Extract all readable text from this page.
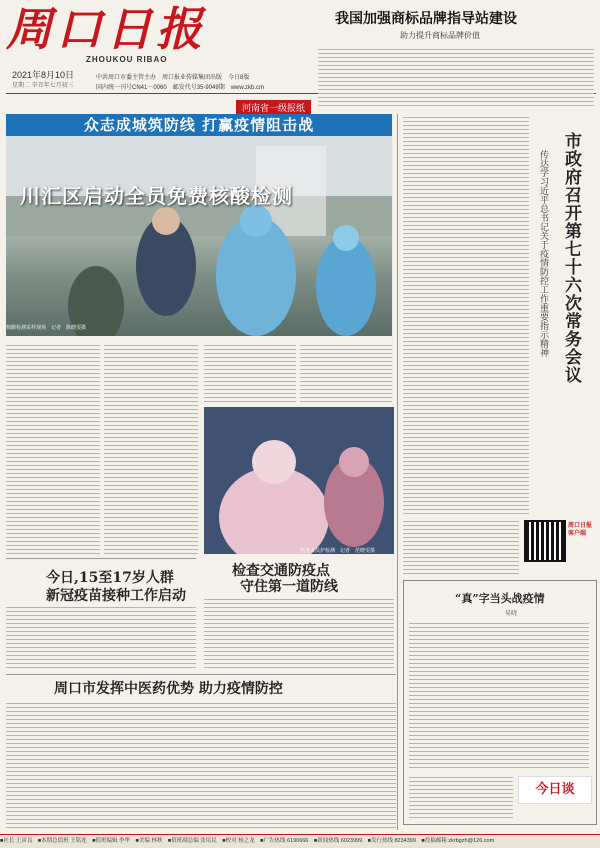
周口日报
ZHOUKOU RIBAO
2021年8月10日
星期二 辛丑年七月初三
中共周口市委主管主办　周口报业传媒集团出版　今日8版
国内统一刊号CN41－0060　邮发代号35-9049期　www.zkb.cm
河南省一级报纸
我国加强商标品牌指导站建设
助力提升商标品牌价值
众志成城筑防线 打赢疫情阻击战
川汇区启动全员免费核酸检测
核酸检测采样现场　记者　陈晓雯摄
医务人员护检测　记者　范晓雯摄
今日,15至17岁人群
新冠疫苗接种工作启动
检查交通防疫点
守住第一道防线
周口市发挥中医药优势 助力疫情防控
市政府召开第七十六次常务会议
传达学习近平总书记关于疫情防控工作重要指示精神
周口日报客户端
“真”字当头战疫情
易晓
今日谈
■社长 王彦良　■本期总值班 王铭连　■值班编辑 李华　■美编 林秋　■值班副总编 张培民　■校对 杨之龙　■广告热线 6190666　■新闻热线 6023999　■发行热线 8234399　■投稿邮箱 zkrbgzh@126.com
